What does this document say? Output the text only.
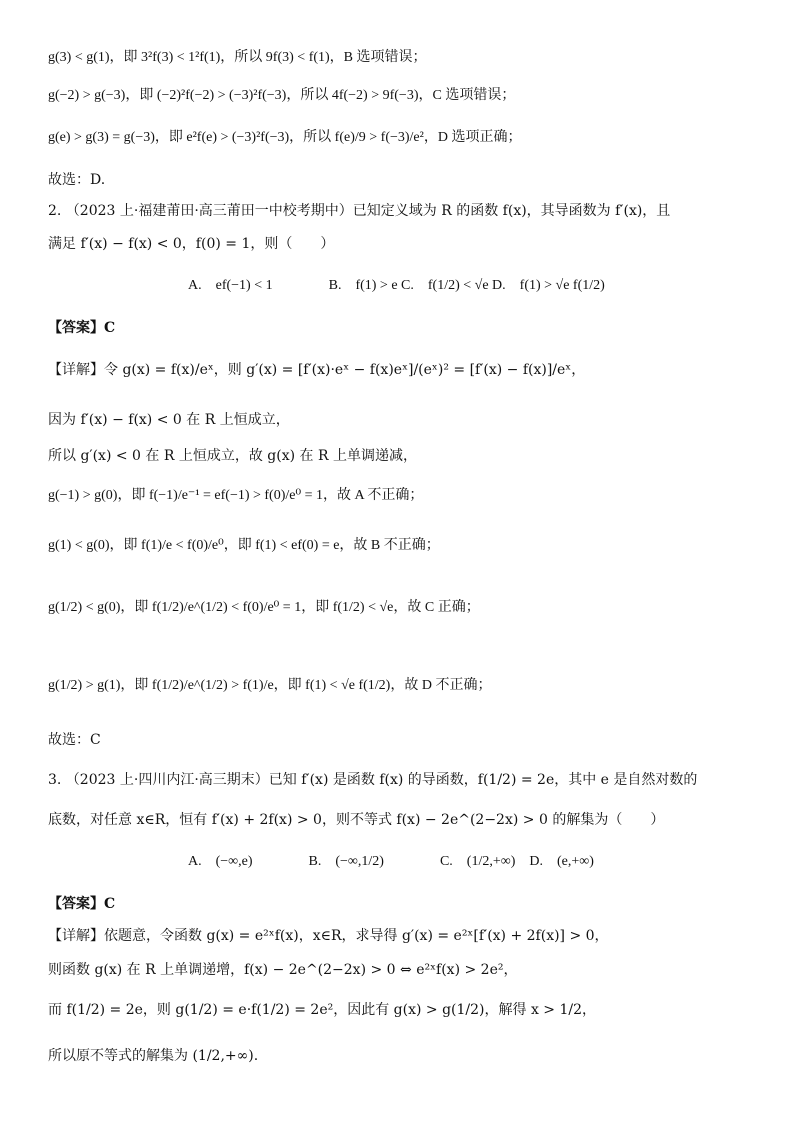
g(3) < g(1)，即 3²f(3) < 1²f(1)，所以 9f(3) < f(1)，B 选项错误；
g(−2) > g(−3)，即 (−2)²f(−2) > (−3)²f(−3)，所以 4f(−2) > 9f(−3)，C 选项错误；
g(e) > g(3) = g(−3)，即 e²f(e) > (−3)²f(−3)，所以 f(e)/9 > f(−3)/e²，D 选项正确；
故选：D.
2. （2023 上·福建莆田·高三莆田一中校考期中）已知定义域为 R 的函数 f(x)，其导函数为 f′(x)，且
满足 f′(x) − f(x) < 0，f(0) = 1，则（　　）
A.　ef(−1) < 1　　　　B.　f(1) > e C.　f(1/2) < √e D.　f(1) > √e f(1/2)
【答案】C
【详解】令 g(x) = f(x)/eˣ，则 g′(x) = [f′(x)·eˣ − f(x)eˣ]/(eˣ)² = [f′(x) − f(x)]/eˣ，
因为 f′(x) − f(x) < 0 在 R 上恒成立，
所以 g′(x) < 0 在 R 上恒成立，故 g(x) 在 R 上单调递减，
g(−1) > g(0)，即 f(−1)/e⁻¹ = ef(−1) > f(0)/e⁰ = 1，故 A 不正确；
g(1) < g(0)，即 f(1)/e < f(0)/e⁰，即 f(1) < ef(0) = e，故 B 不正确；
g(1/2) < g(0)，即 f(1/2)/e^(1/2) < f(0)/e⁰ = 1，即 f(1/2) < √e，故 C 正确；
g(1/2) > g(1)，即 f(1/2)/e^(1/2) > f(1)/e，即 f(1) < √e f(1/2)，故 D 不正确；
故选：C
3. （2023 上·四川内江·高三期末）已知 f′(x) 是函数 f(x) 的导函数，f(1/2) = 2e，其中 e 是自然对数的
底数，对任意 x∈R，恒有 f′(x) + 2f(x) > 0，则不等式 f(x) − 2e^(2−2x) > 0 的解集为（　　）
A.　(−∞,e)　　　　B.　(−∞,1/2)　　　　C.　(1/2,+∞)　D.　(e,+∞)
【答案】C
【详解】依题意，令函数 g(x) = e²ˣf(x)，x∈R，求导得 g′(x) = e²ˣ[f′(x) + 2f(x)] > 0，
则函数 g(x) 在 R 上单调递增，f(x) − 2e^(2−2x) > 0 ⇔ e²ˣf(x) > 2e²，
而 f(1/2) = 2e，则 g(1/2) = e·f(1/2) = 2e²，因此有 g(x) > g(1/2)，解得 x > 1/2，
所以原不等式的解集为 (1/2,+∞).
